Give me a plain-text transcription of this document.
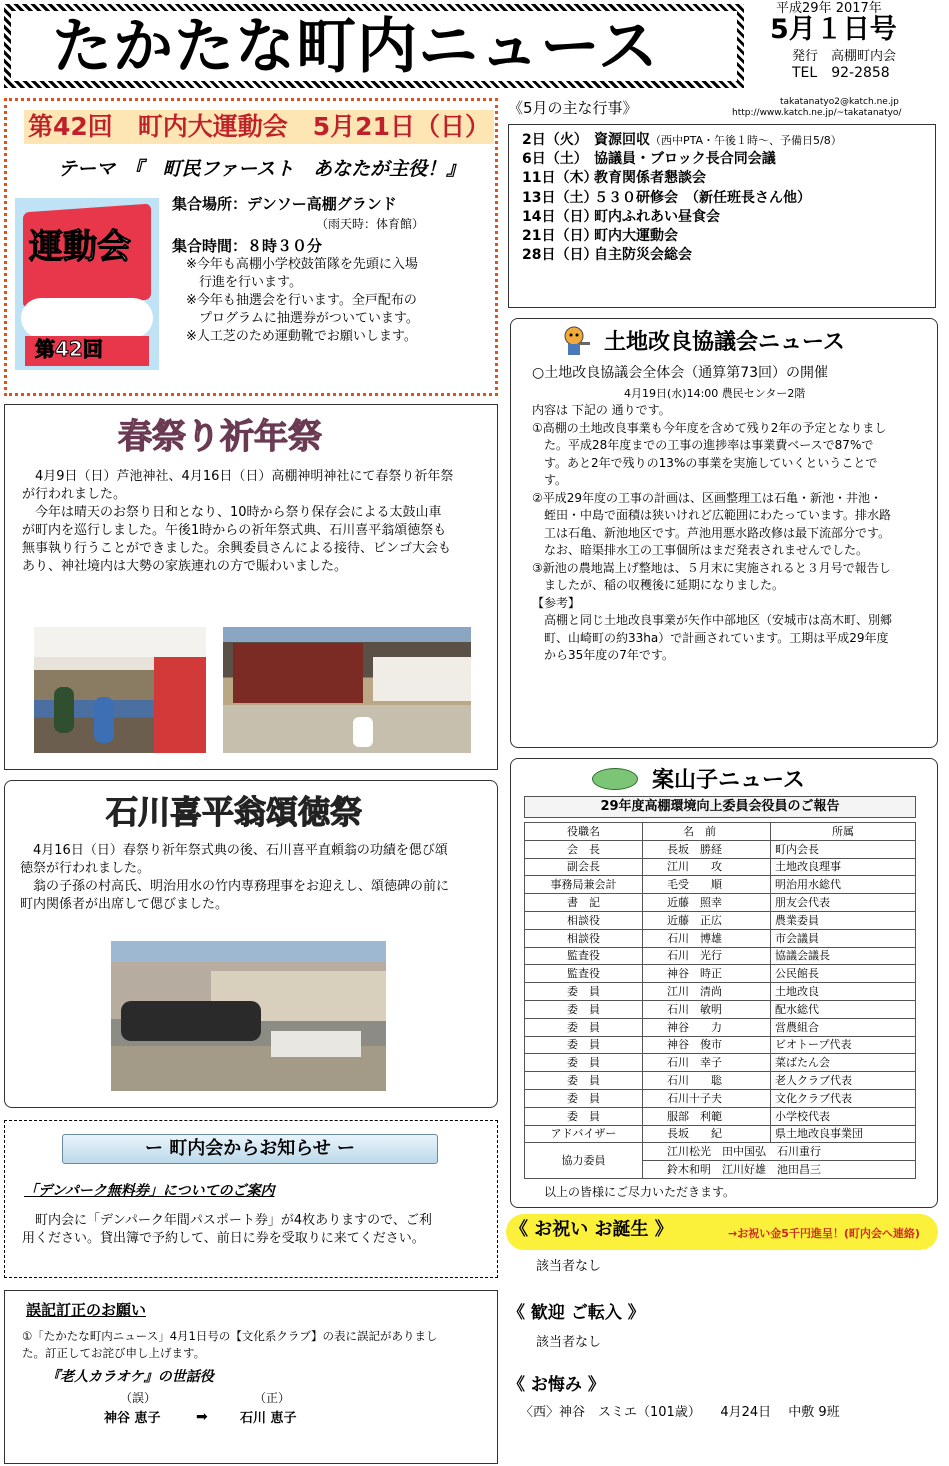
たかたな町内ニュース
平成29年 2017年
5月１日号
発行　高棚町内会
TEL　92-2858
takatanatyo2@katch.ne.jp
http://www.katch.ne.jp/~takatanatyo/
第42回　町内大運動会　5月21日（日）
テーマ　『　町民ファースト　あなたが主役！』
運動会
第42回
集合場所：デンソー高棚グランド
（雨天時：体育館）
集合時間：８時３０分
※今年も高棚小学校鼓笛隊を先頭に入場
　行進を行います。
※今年も抽選会を行います。全戸配布の
　プログラムに抽選券がついています。
※人工芝のため運動靴でお願いします。
《5月の主な行事》
2日（火） 資源回収（西中PTA・午後１時〜、予備日5/8）
6日（土） 協議員・ブロック長合同会議
11日（木）教育関係者懇談会
13日（土）５３０研修会　（新任班長さん他）
14日（日）町内ふれあい昼食会
21日（日）町内大運動会
28日（日）自主防災会総会
春祭り祈年祭

4月9日（日）芦池神社、4月16日（日）高棚神明神社にて春祭り祈年祭が行われました。

　今年は晴天のお祭り日和となり、10時から祭り保存会による太鼓山車が町内を巡行しました。午後1時からの祈年祭式典、石川喜平翁頌徳祭も無事執り行うことができました。余興委員さんによる接待、ビンゴ大会もあり、神社境内は大勢の家族連れの方で賑わいました。

石川喜平翁頌徳祭

4月16日（日）春祭り祈年祭式典の後、石川喜平直頼翁の功績を偲び頌徳祭が行われました。

　翁の子孫の村高氏、明治用水の竹内専務理事をお迎えし、頌徳碑の前に町内関係者が出席して偲びました。

ー 町内会からお知らせ ー
「デンパーク無料券」についてのご案内
　町内会に「デンパーク年間パスポート券」が4枚ありますので、ご利用ください。貸出簿で予約して、前日に券を受取りに来てください。
誤記訂正のお願い
①「たかたな町内ニュース」4月1日号の【文化系クラブ】の表に誤記がありました。訂正してお詫び申し上げます。
『老人カラオケ』の世話役
（誤）	（正）
神谷 恵子	➡ 石川 恵子
土地改良協議会ニュース
○土地改良協議会全体会（通算第73回）の開催
4月19日(水)14:00 農民センター2階
内容は 下記の 通りです。
①高棚の土地改良事業も今年度を含めて残り2年の予定となりました。平成28年度までの工事の進捗率は事業費ベースで87%です。あと2年で残りの13%の事業を実施していくということです。
②平成29年度の工事の計画は、区画整理工は石亀・新池・井池・蛭田・中島で面積は狭いけれど広範囲にわたっています。排水路工は石亀、新池地区です。芦池用悪水路改修は最下流部分です。なお、暗渠排水工の工事個所はまだ発表されませんでした。
③新池の農地嵩上げ整地は、５月末に実施されると３月号で報告しましたが、稲の収穫後に延期になりました。
【参考】
高棚と同じ土地改良事業が矢作中部地区（安城市は高木町、別郷町、山崎町の約33ha）で計画されています。工期は平成29年度から35年度の7年です。
案山子ニュース
29年度高棚環境向上委員会役員のご報告
役職名	名　前	所属
会　長	長坂　勝経	町内会長
副会長	江川　　攻	土地改良理事
事務局兼会計	毛受　　順	明治用水総代
書　記	近藤　照幸	朋友会代表
相談役	近藤　正広	農業委員
相談役	石川　博雄	市会議員
監査役	石川　光行	協議会議長
監査役	神谷　時正	公民館長
委　員	江川　清尚	土地改良
委　員	石川　敏明	配水総代
委　員	神谷　　力	営農組合
委　員	神谷　俊市	ビオトープ代表
委　員	石川　幸子	菜ばたん会
委　員	石川　　聡	老人クラブ代表
委　員	石川十子夫	文化クラブ代表
委　員	服部　利範	小学校代表
アドバイザー	長坂　　紀	県土地改良事業団
協力委員	江川松光　田中国弘　石川重行	
	鈴木和明　江川好雄　池田昌三	
以上の皆様にご尽力いただきます。
《 お祝い お誕生 》	→お祝い金5千円進呈！(町内会へ連絡)
該当者なし
《 歓迎 ご転入 》
該当者なし
《 お悔み 》
〈西〉神谷　スミエ（101歳）　　4月24日　 中敷 9班
